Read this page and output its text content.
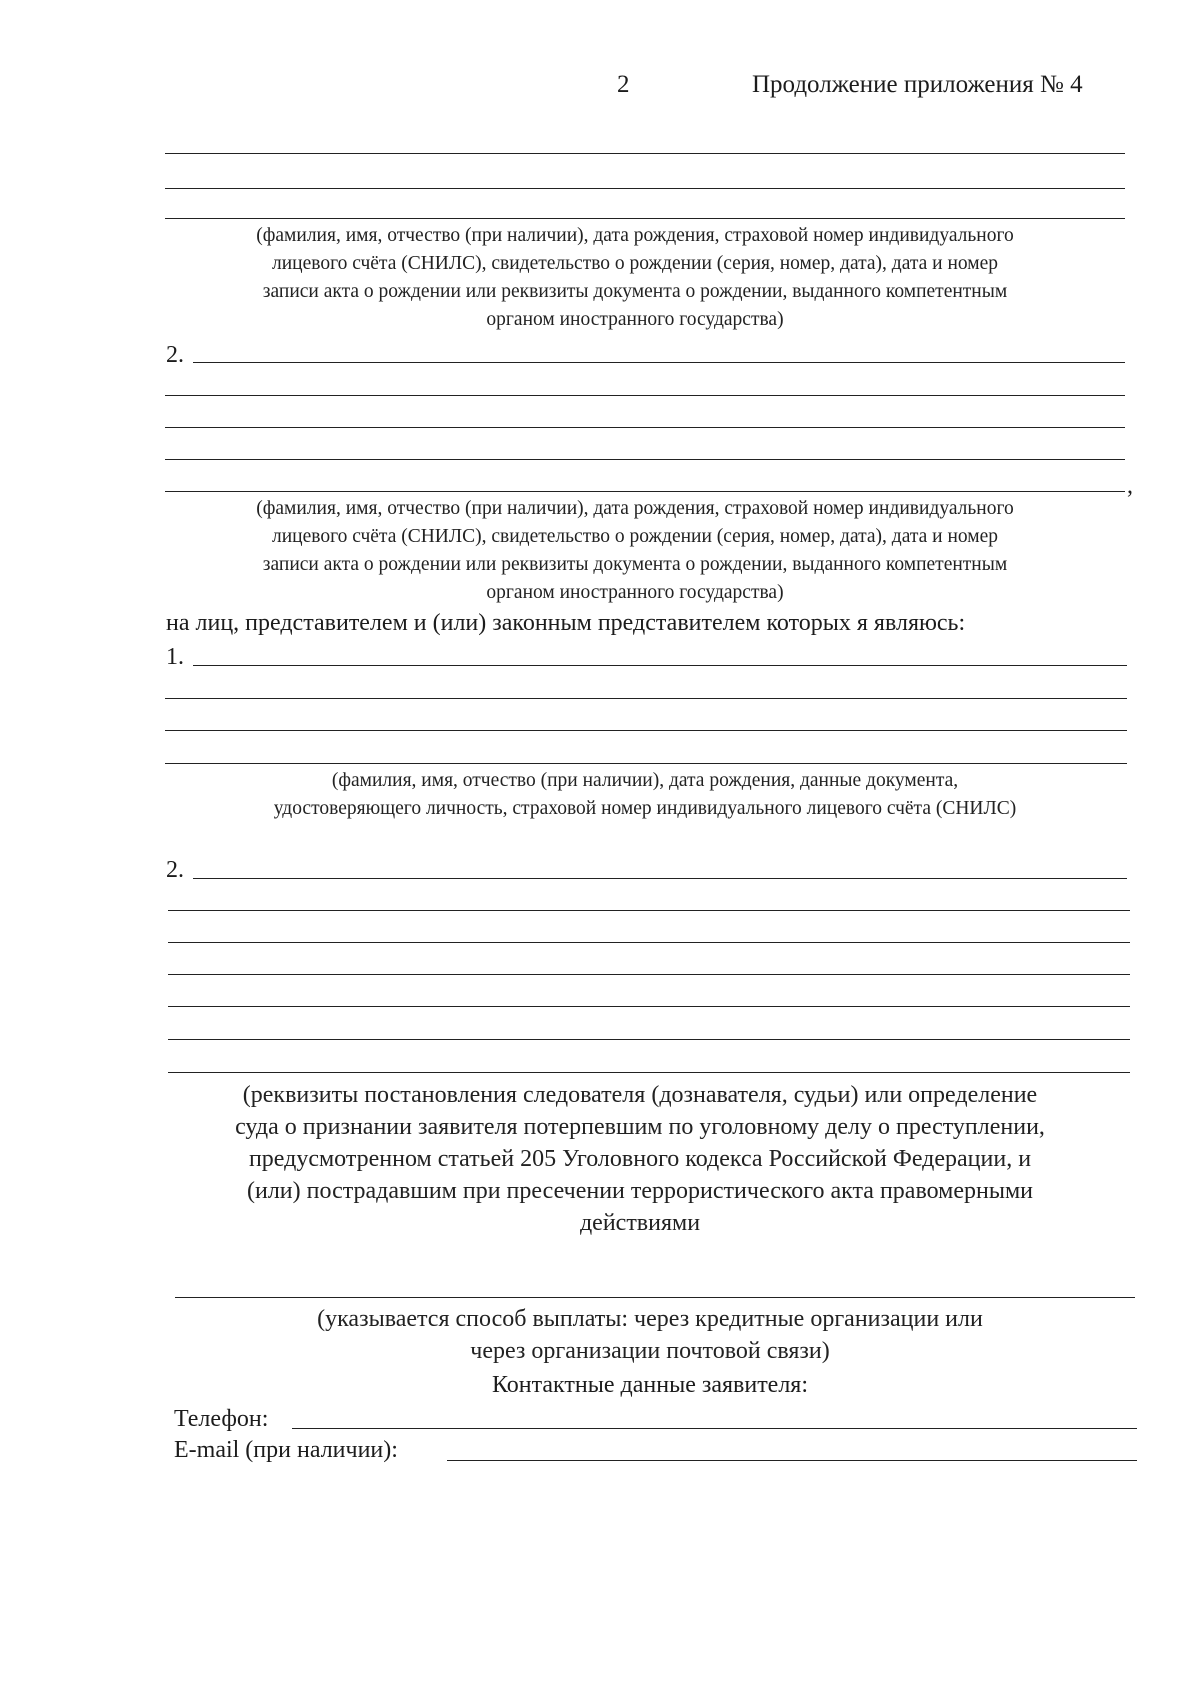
2	Продолжение приложения № 4
(фамилия, имя, отчество (при наличии), дата рождения, страховой номер индивидуального
лицевого счёта (СНИЛС), свидетельство о рождении (серия, номер, дата), дата и номер
записи акта о рождении или реквизиты документа о рождении, выданного компетентным
органом иностранного государства)
2.
,
(фамилия, имя, отчество (при наличии), дата рождения, страховой номер индивидуального
лицевого счёта (СНИЛС), свидетельство о рождении (серия, номер, дата), дата и номер
записи акта о рождении или реквизиты документа о рождении, выданного компетентным
органом иностранного государства)
на лиц, представителем и (или) законным представителем которых я являюсь:
1.
(фамилия, имя, отчество (при наличии), дата рождения, данные документа,
удостоверяющего личность, страховой номер индивидуального лицевого счёта (СНИЛС)
2.
(реквизиты постановления следователя (дознавателя, судьи) или определение
суда о признании заявителя потерпевшим по уголовному делу о преступлении,
предусмотренном статьей 205 Уголовного кодекса Российской Федерации, и
(или) пострадавшим при пресечении террористического акта правомерными
действиями
(указывается способ выплаты: через кредитные организации или
через организации почтовой связи)
Контактные данные заявителя:
Телефон:
E-mail (при наличии):
